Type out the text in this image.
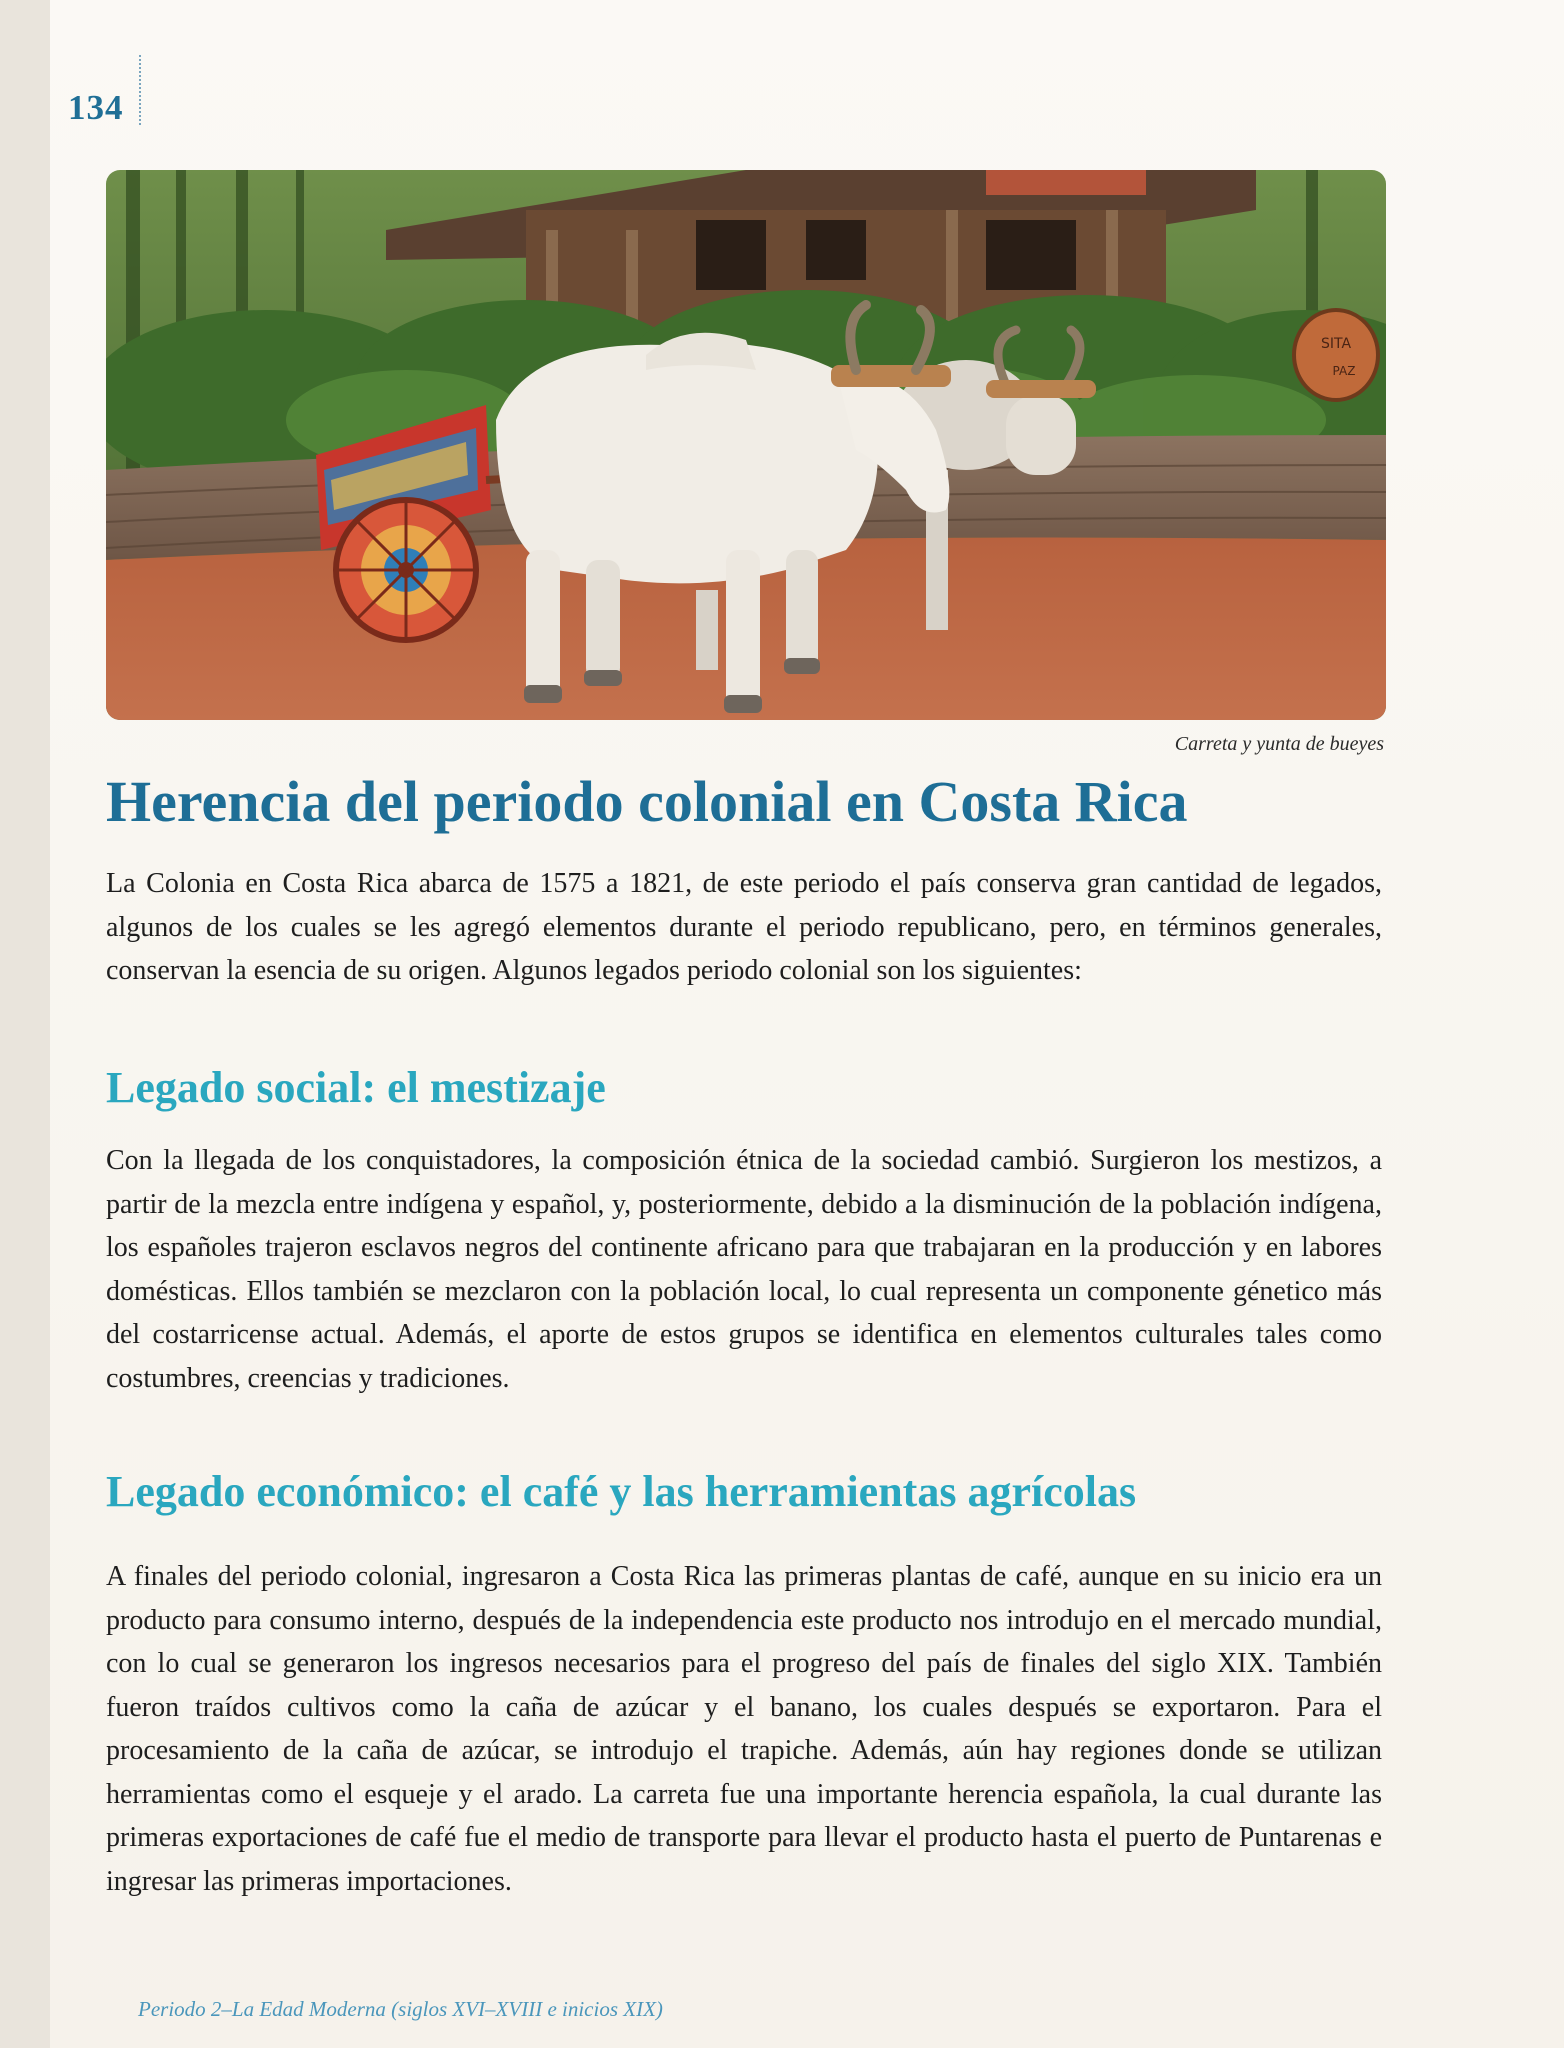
134
SITA
PAZ
Carreta y yunta de bueyes
Herencia del periodo colonial en Costa Rica

La Colonia en Costa Rica abarca de 1575 a 1821, de este periodo el país conserva gran cantidad de legados, algunos de los cuales se les agregó elementos durante el periodo republicano, pero, en términos generales, conservan la esencia de su origen. Algunos legados periodo colonial son los siguientes:

Legado social: el mestizaje

Con la llegada de los conquistadores, la composición étnica de la sociedad cambió. Surgieron los mestizos, a partir de la mezcla entre indígena y español, y, posteriormente, debido a la disminución de la población indígena, los españoles trajeron esclavos negros del continente africano para que trabajaran en la producción y en labores domésticas. Ellos también se mezclaron con la población local, lo cual representa un componente génetico más del costarricense actual. Además, el aporte de estos grupos se identifica en elementos culturales tales como costumbres, creencias y tradiciones.

Legado económico: el café y las herramientas agrícolas

A finales del periodo colonial, ingresaron a Costa Rica las primeras plantas de café, aunque en su inicio era un producto para consumo interno, después de la independencia este producto nos introdujo en el mercado mundial, con lo cual se generaron los ingresos necesarios para el progreso del país de finales del siglo XIX. También fueron traídos cultivos como la caña de azúcar y el banano, los cuales después se exportaron. Para el procesamiento de la caña de azúcar, se introdujo el trapiche. Además, aún hay regiones donde se utilizan herramientas como el esqueje y el arado. La carreta fue una importante herencia española, la cual durante las primeras exportaciones de café fue el medio de transporte para llevar el producto hasta el puerto de Puntarenas e ingresar las primeras importaciones.

Periodo 2–La Edad Moderna (siglos XVI–XVIII e inicios XIX)
